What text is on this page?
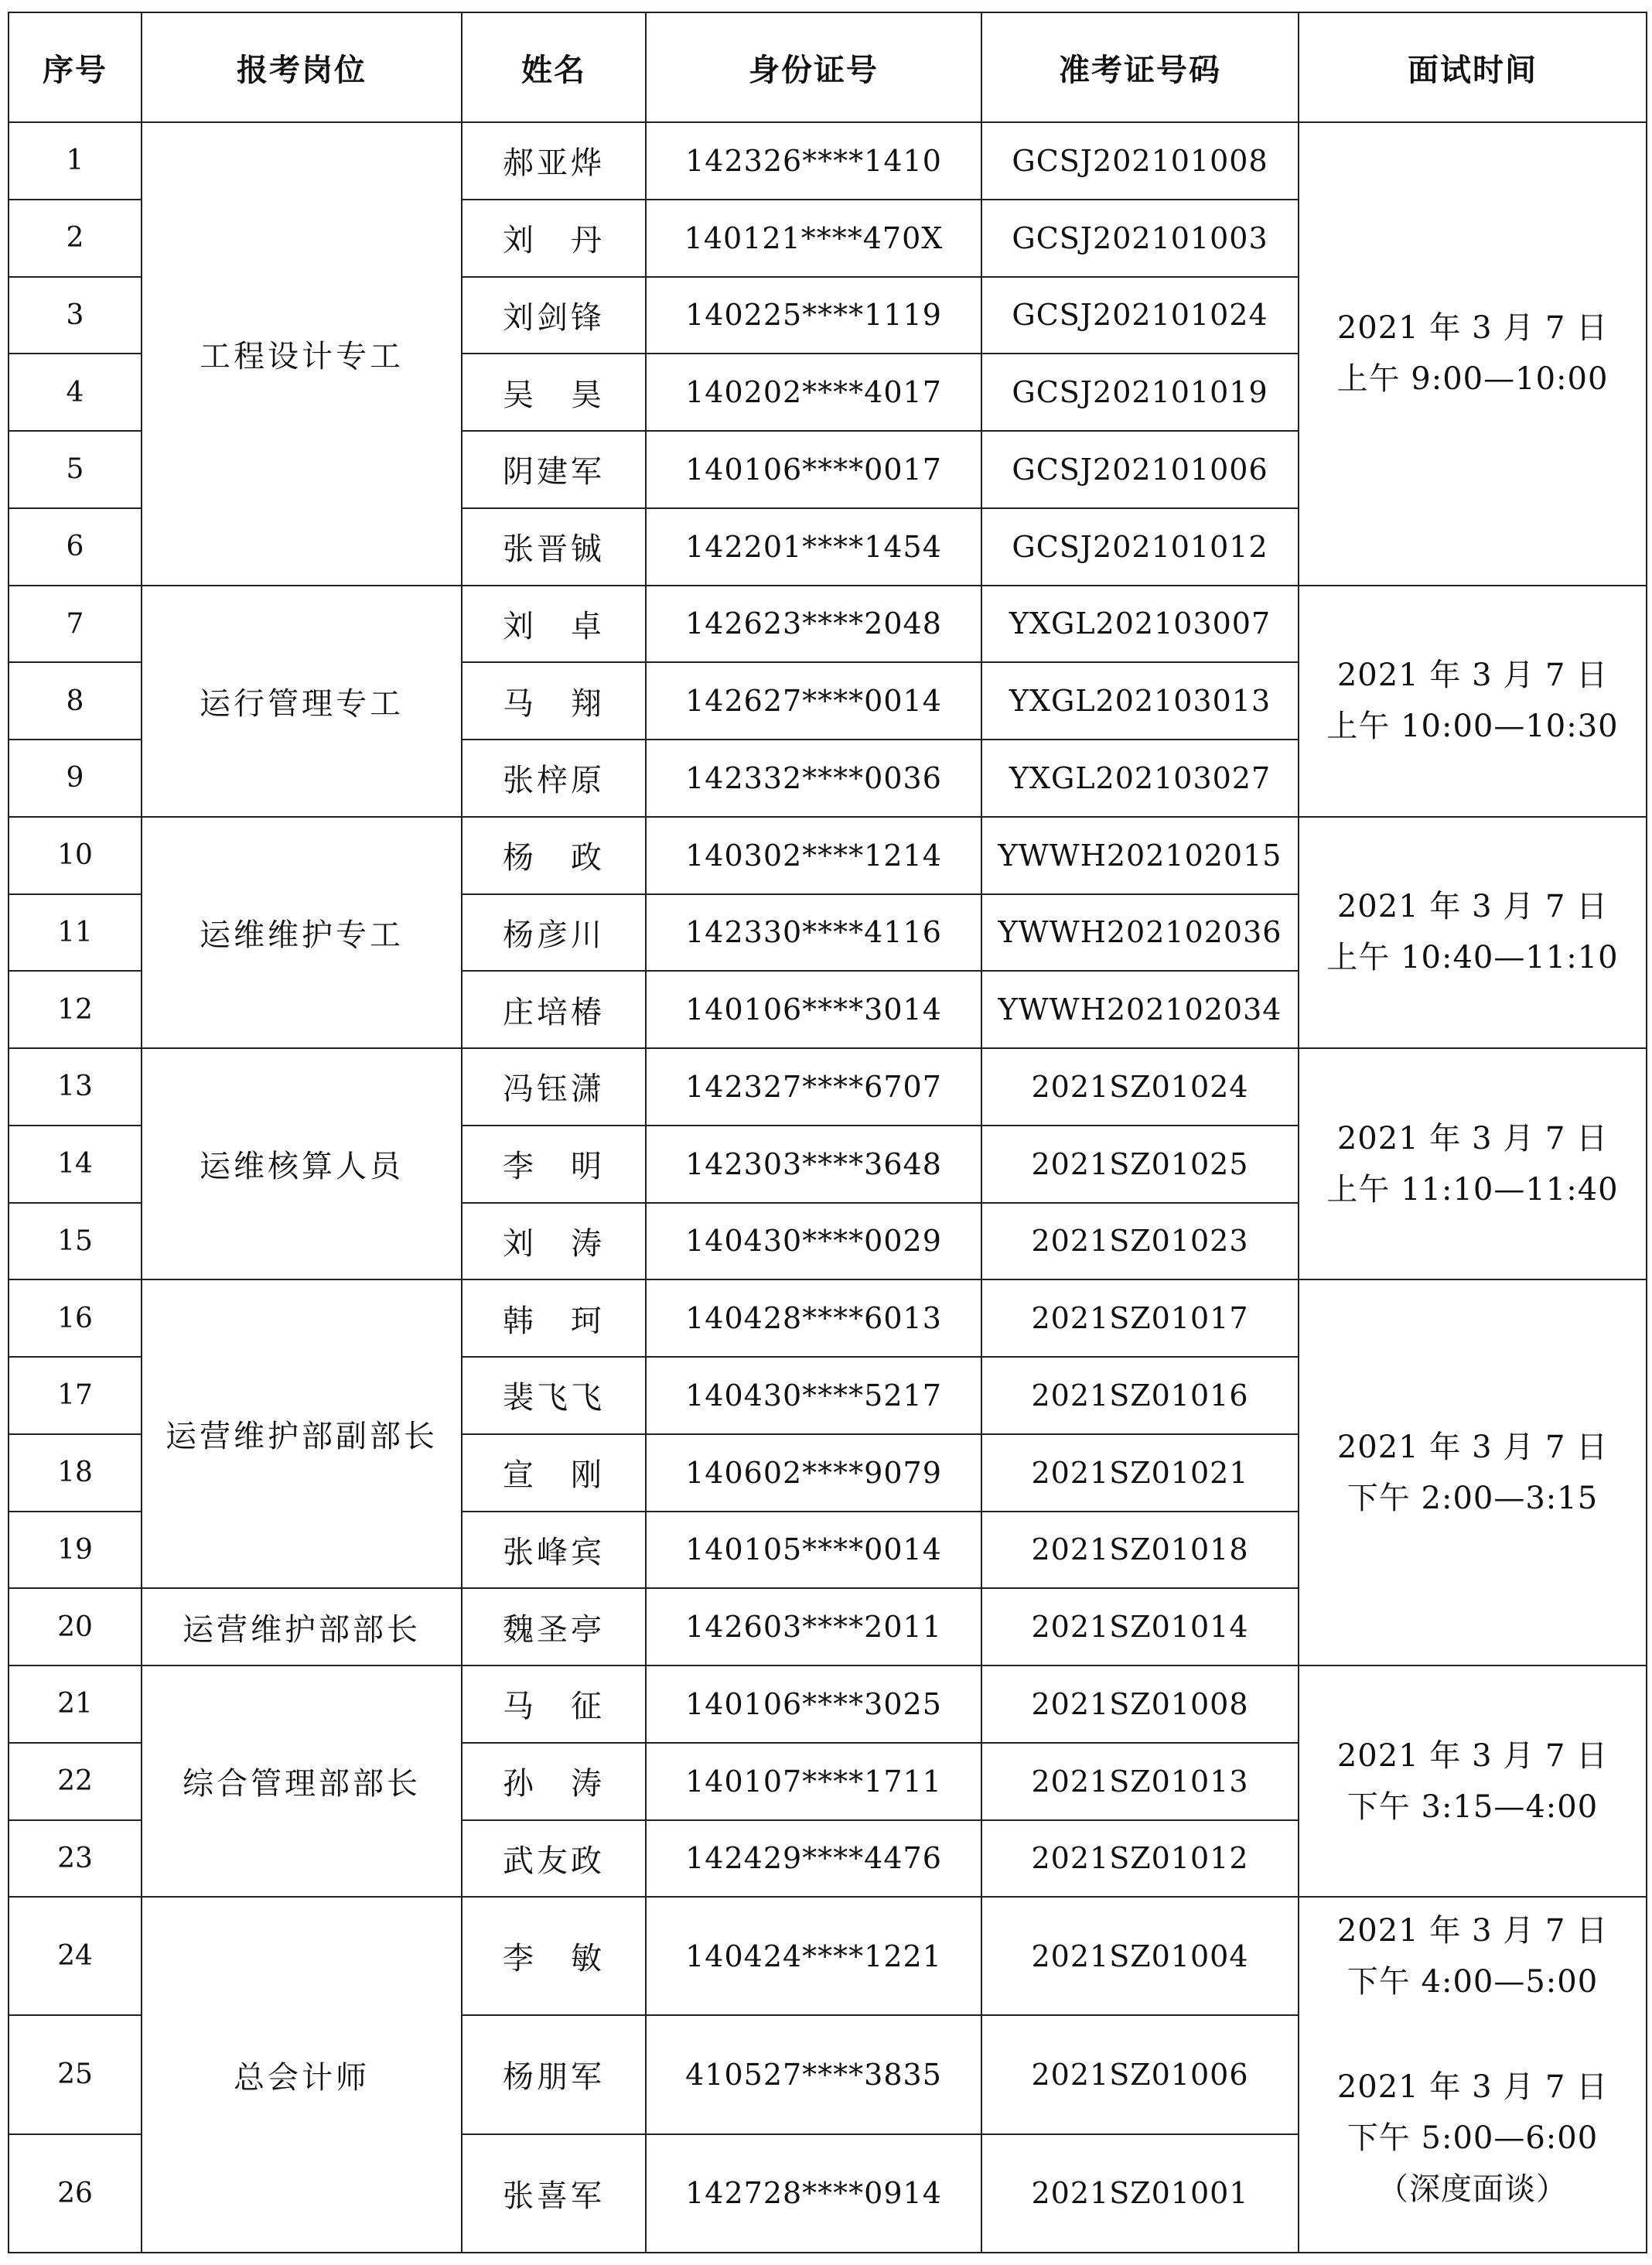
序号	报考岗位	姓名	身份证号	准考证号码	面试时间
1	工程设计专工	郝亚烨	142326****1410	GCSJ202101008	2021 年 3 月 7 日
上午 9:00—10:00

2		刘　丹	140121****470X	GCSJ202101003	
3		刘剑锋	140225****1119	GCSJ202101024	
4		吴　昊	140202****4017	GCSJ202101019	
5		阴建军	140106****0017	GCSJ202101006	
6		张晋铖	142201****1454	GCSJ202101012	
7	运行管理专工	刘　卓	142623****2048	YXGL202103007	2021 年 3 月 7 日
上午 10:00—10:30

8		马　翔	142627****0014	YXGL202103013	
9		张梓原	142332****0036	YXGL202103027	
10	运维维护专工	杨　政	140302****1214	YWWH202102015	2021 年 3 月 7 日
上午 10:40—11:10

11		杨彦川	142330****4116	YWWH202102036	
12		庄培椿	140106****3014	YWWH202102034	
13	运维核算人员	冯钰潇	142327****6707	2021SZ01024	2021 年 3 月 7 日
上午 11:10—11:40

14		李　明	142303****3648	2021SZ01025	
15		刘　涛	140430****0029	2021SZ01023	
16	运营维护部副部长	韩　珂	140428****6013	2021SZ01017	2021 年 3 月 7 日
下午 2:00—3:15

17		裴飞飞	140430****5217	2021SZ01016	
18		宣　刚	140602****9079	2021SZ01021	
19		张峰宾	140105****0014	2021SZ01018	
20	运营维护部部长	魏圣亭	142603****2011	2021SZ01014	
21	综合管理部部长	马　征	140106****3025	2021SZ01008	2021 年 3 月 7 日
下午 3:15—4:00

22		孙　涛	140107****1711	2021SZ01013	
23		武友政	142429****4476	2021SZ01012	
24	总会计师	李　敏	140424****1221	2021SZ01004	2021 年 3 月 7 日
下午 4:00—5:00

25		杨朋军	410527****3835	2021SZ01006	2021 年 3 月 7 日
下午 5:00—6:00
（深度面谈）

26		张喜军	142728****0914	2021SZ01001	
